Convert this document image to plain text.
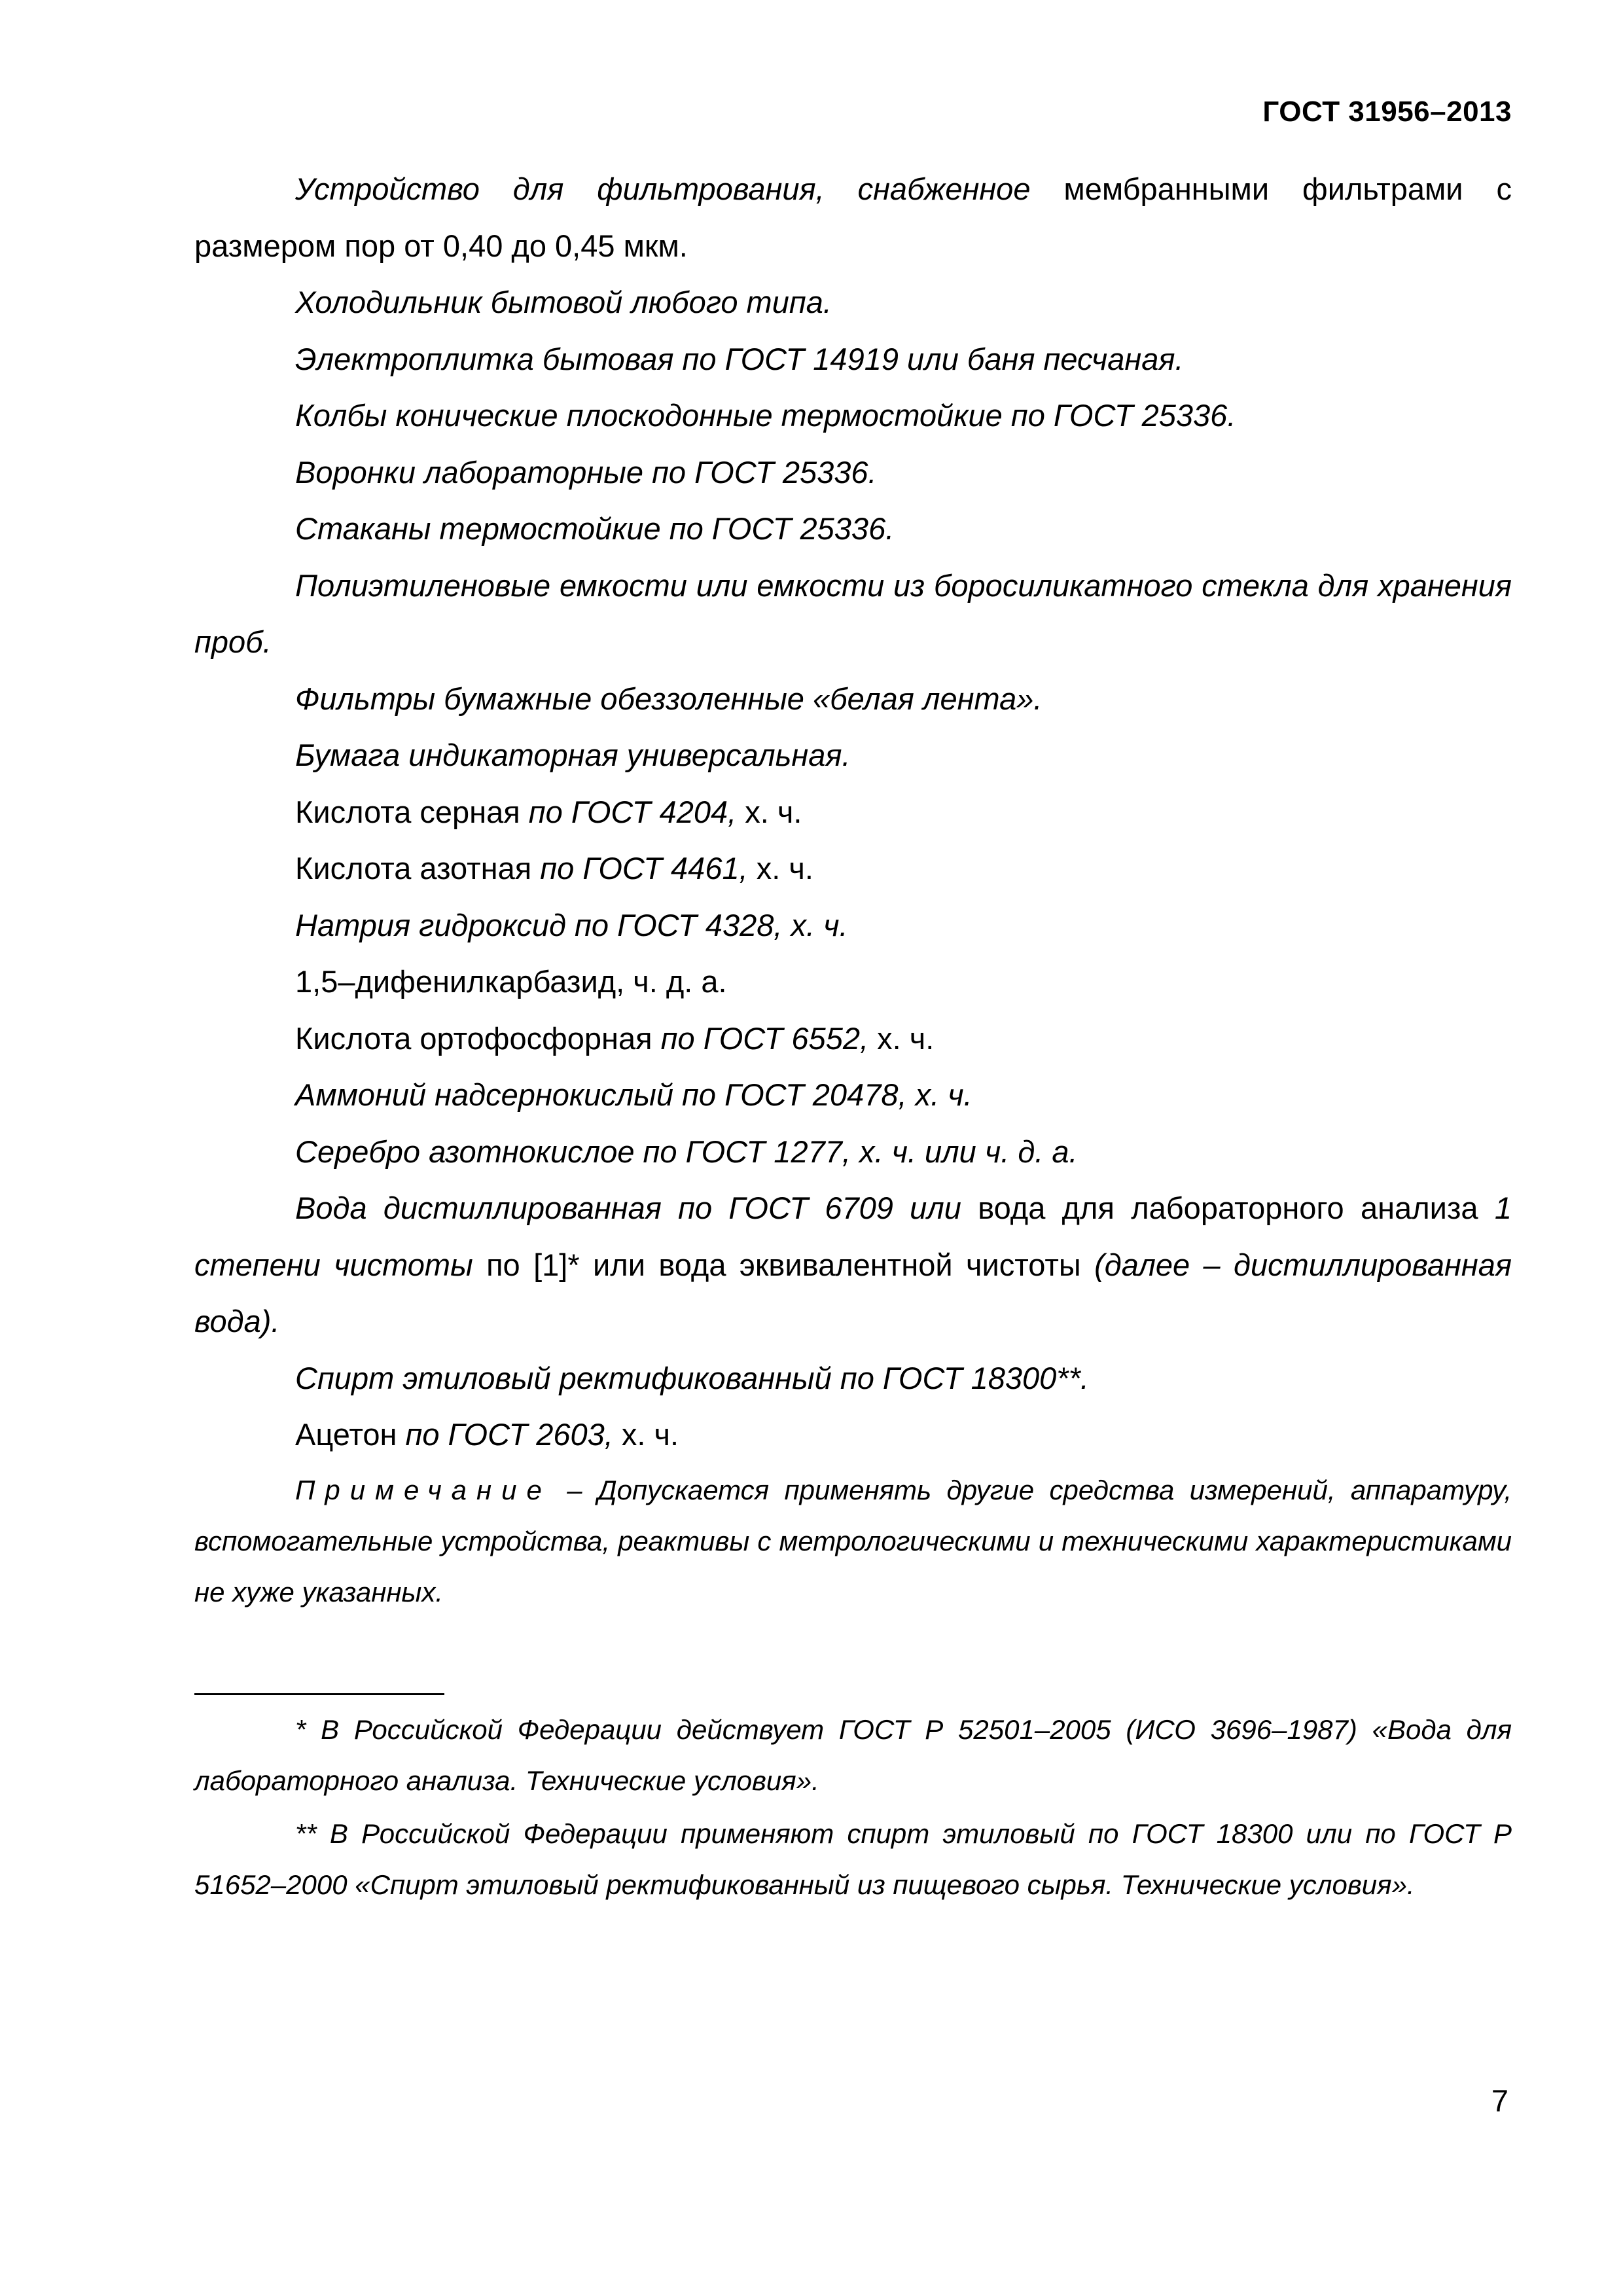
ГОСТ 31956–2013

Устройство для фильтрования, снабженное мембранными фильтрами с размером пор от 0,40 до 0,45 мкм.

Холодильник бытовой любого типа.

Электроплитка бытовая по ГОСТ 14919 или баня песчаная.

Колбы конические плоскодонные термостойкие по ГОСТ 25336.

Воронки лабораторные по ГОСТ 25336.

Стаканы термостойкие по ГОСТ 25336.

Полиэтиленовые емкости или емкости из боросиликатного стекла для хранения проб.

Фильтры бумажные обеззоленные «белая лента».

Бумага индикаторная универсальная.

Кислота серная по ГОСТ 4204, х. ч.

Кислота азотная по ГОСТ 4461, х. ч.

Натрия гидроксид по ГОСТ 4328, х. ч.

1,5–дифенилкарбазид, ч. д. а.

Кислота ортофосфорная по ГОСТ 6552, х. ч.

Аммоний надсернокислый по ГОСТ 20478, х. ч.

Серебро азотнокислое по ГОСТ 1277, х. ч. или ч. д. а.

Вода дистиллированная по ГОСТ 6709 или вода для лабораторного анализа 1 степени чистоты по [1]* или вода эквивалентной чистоты (далее – дистиллированная вода).

Спирт этиловый ректификованный по ГОСТ 18300**.

Ацетон по ГОСТ 2603, х. ч.

Примечание – Допускается применять другие средства измерений, аппаратуру, вспомогательные устройства, реактивы с метрологическими и техническими характеристиками не хуже указанных.

* В Российской Федерации действует ГОСТ Р 52501–2005 (ИСО 3696–1987) «Вода для лабораторного анализа. Технические условия».

** В Российской Федерации применяют спирт этиловый по ГОСТ 18300 или по ГОСТ Р 51652–2000 «Спирт этиловый ректификованный из пищевого сырья. Технические условия».

7
